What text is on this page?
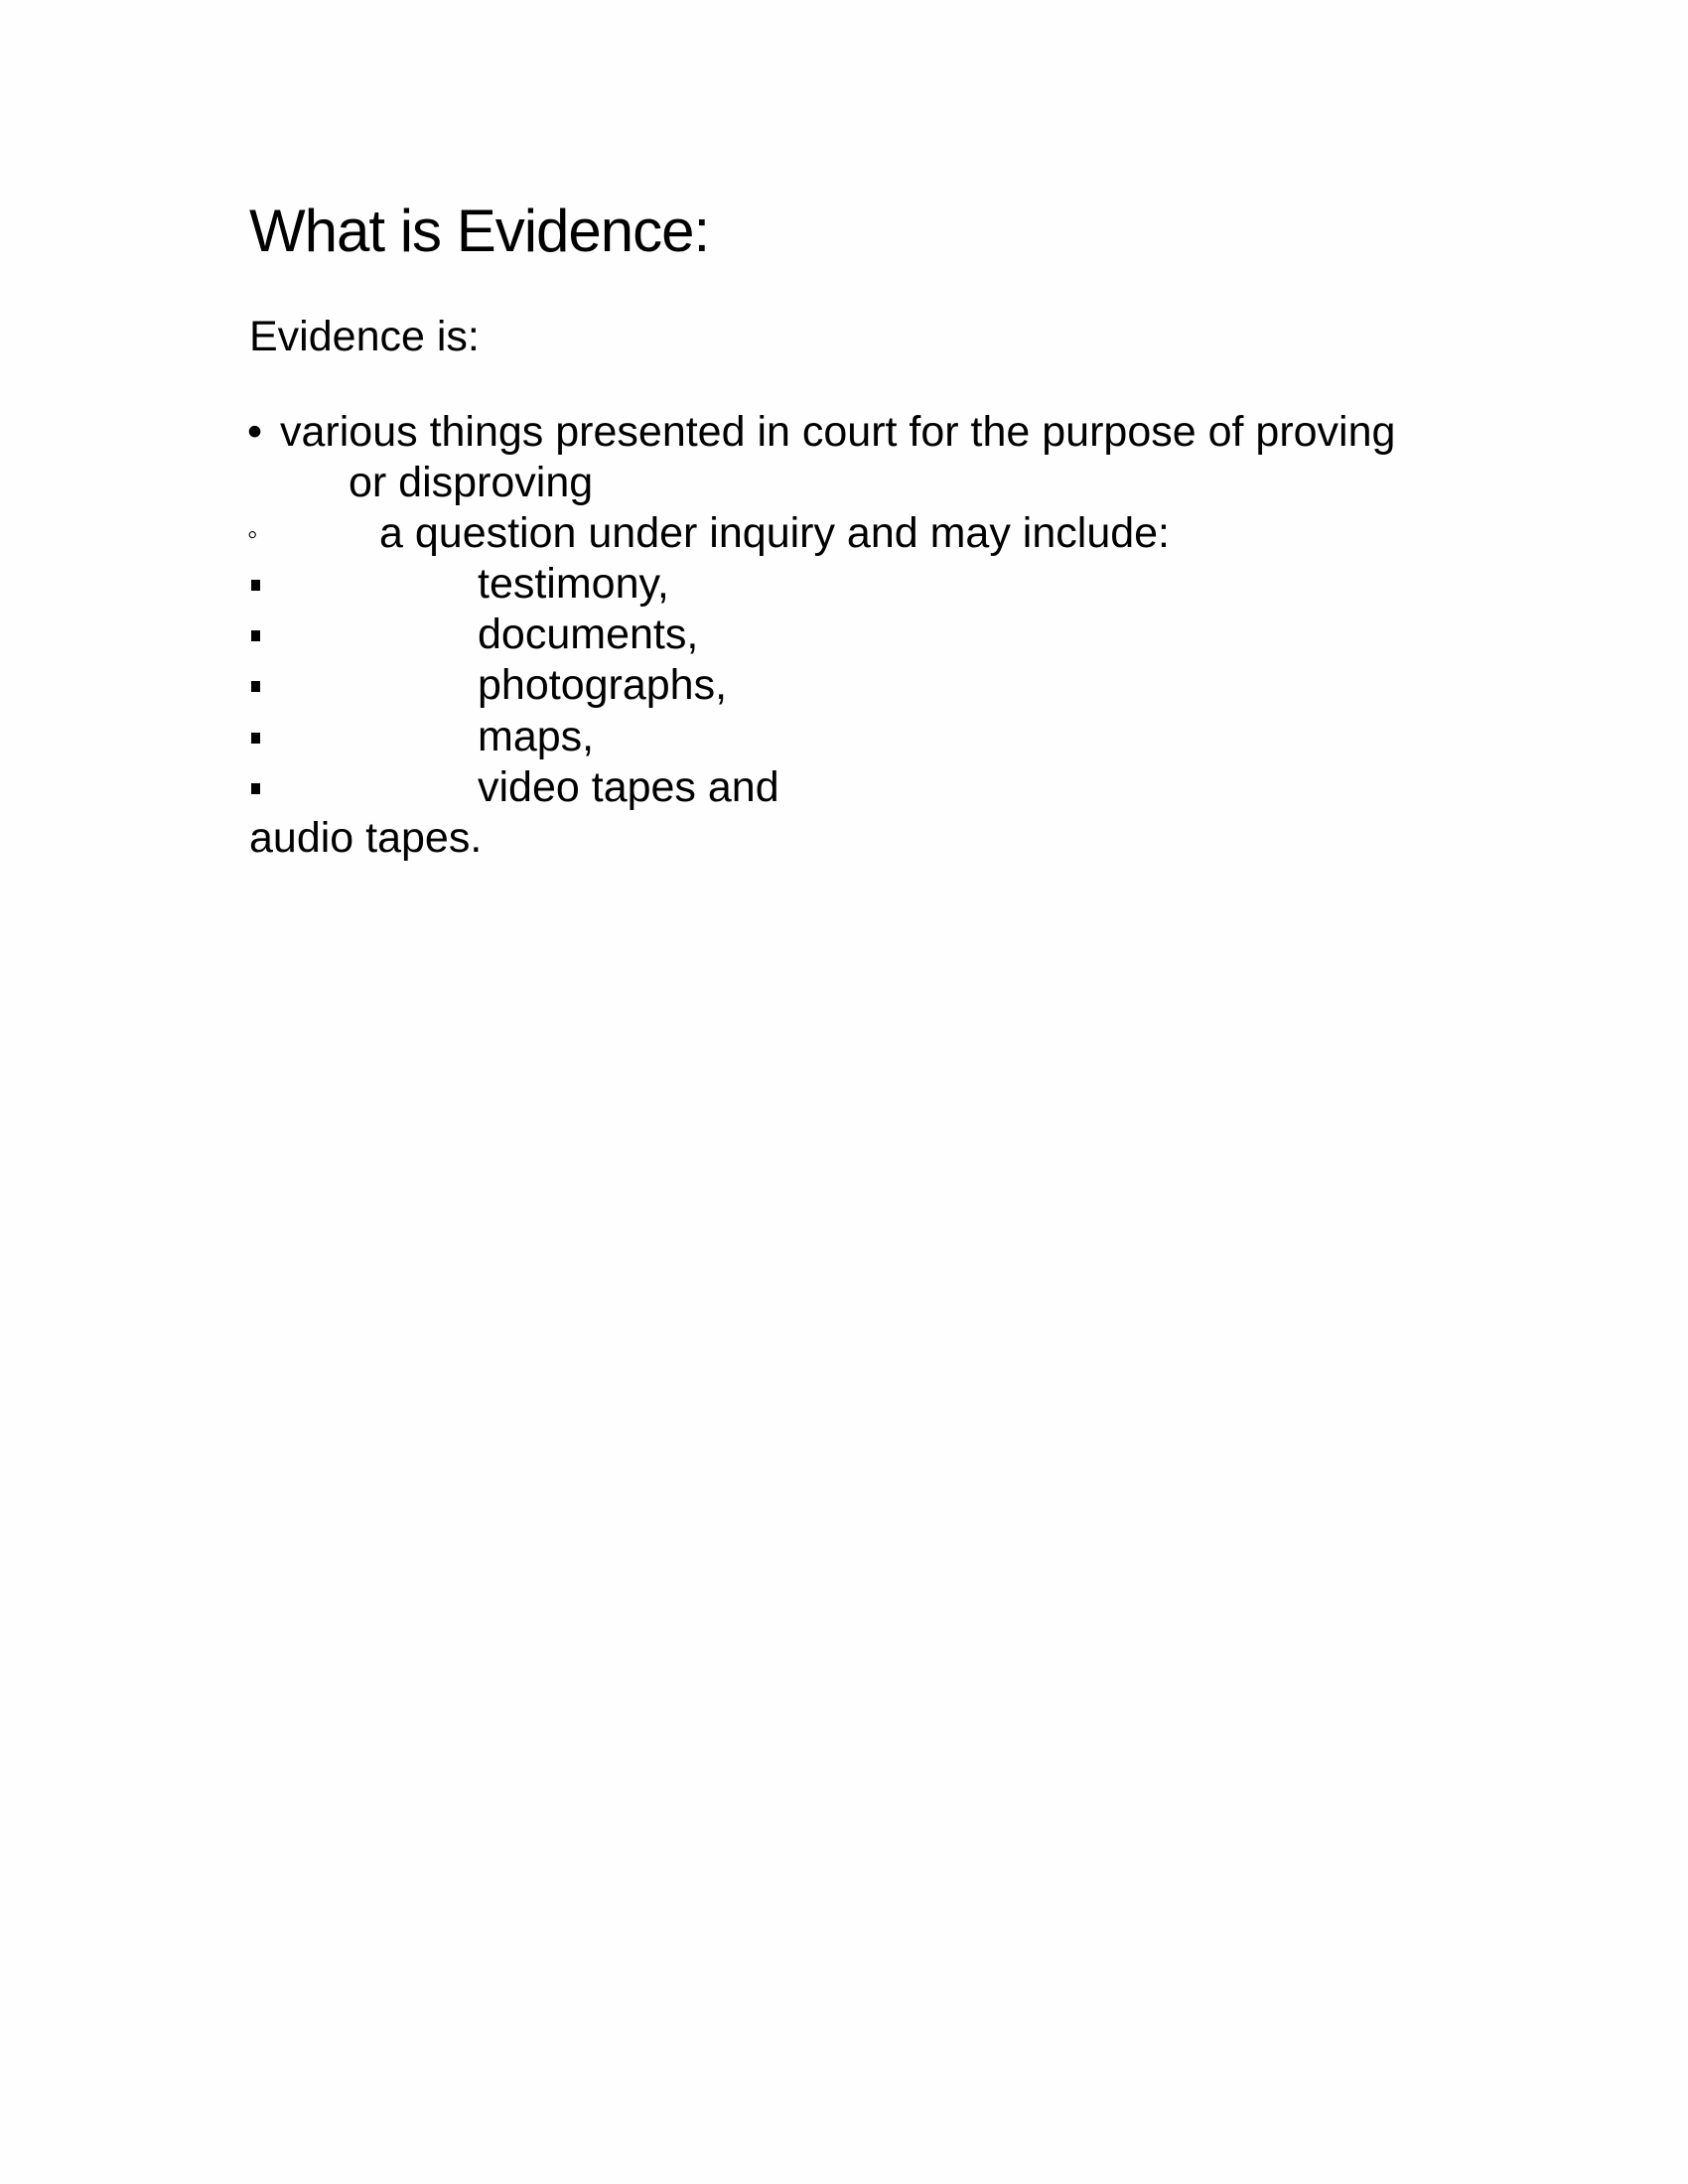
What is Evidence:
Evidence is:
• various things presented in court for the purpose of proving
or disproving
◦	a question under inquiry and may include:
testimony,
documents,
photographs,
maps,
video tapes and
audio tapes.
